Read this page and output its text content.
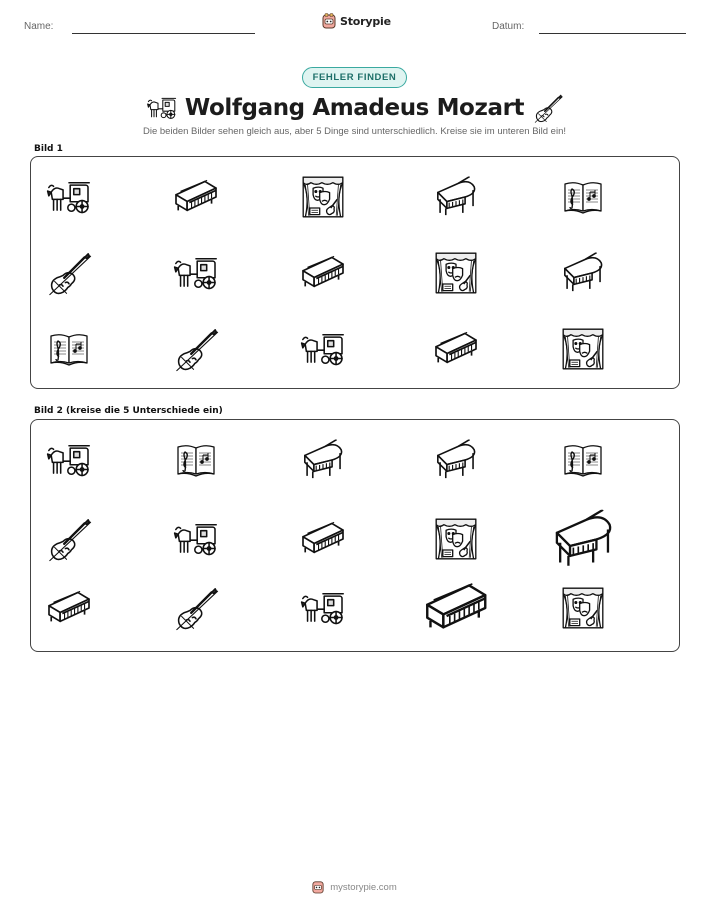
Name:	Storypie	Datum:
FEHLER FINDEN
Wolfgang Amadeus Mozart
Die beiden Bilder sehen gleich aus, aber 5 Dinge sind unterschiedlich. Kreise sie im unteren Bild ein!
Bild 1
Bild 2 (kreise die 5 Unterschiede ein)
mystorypie.com
